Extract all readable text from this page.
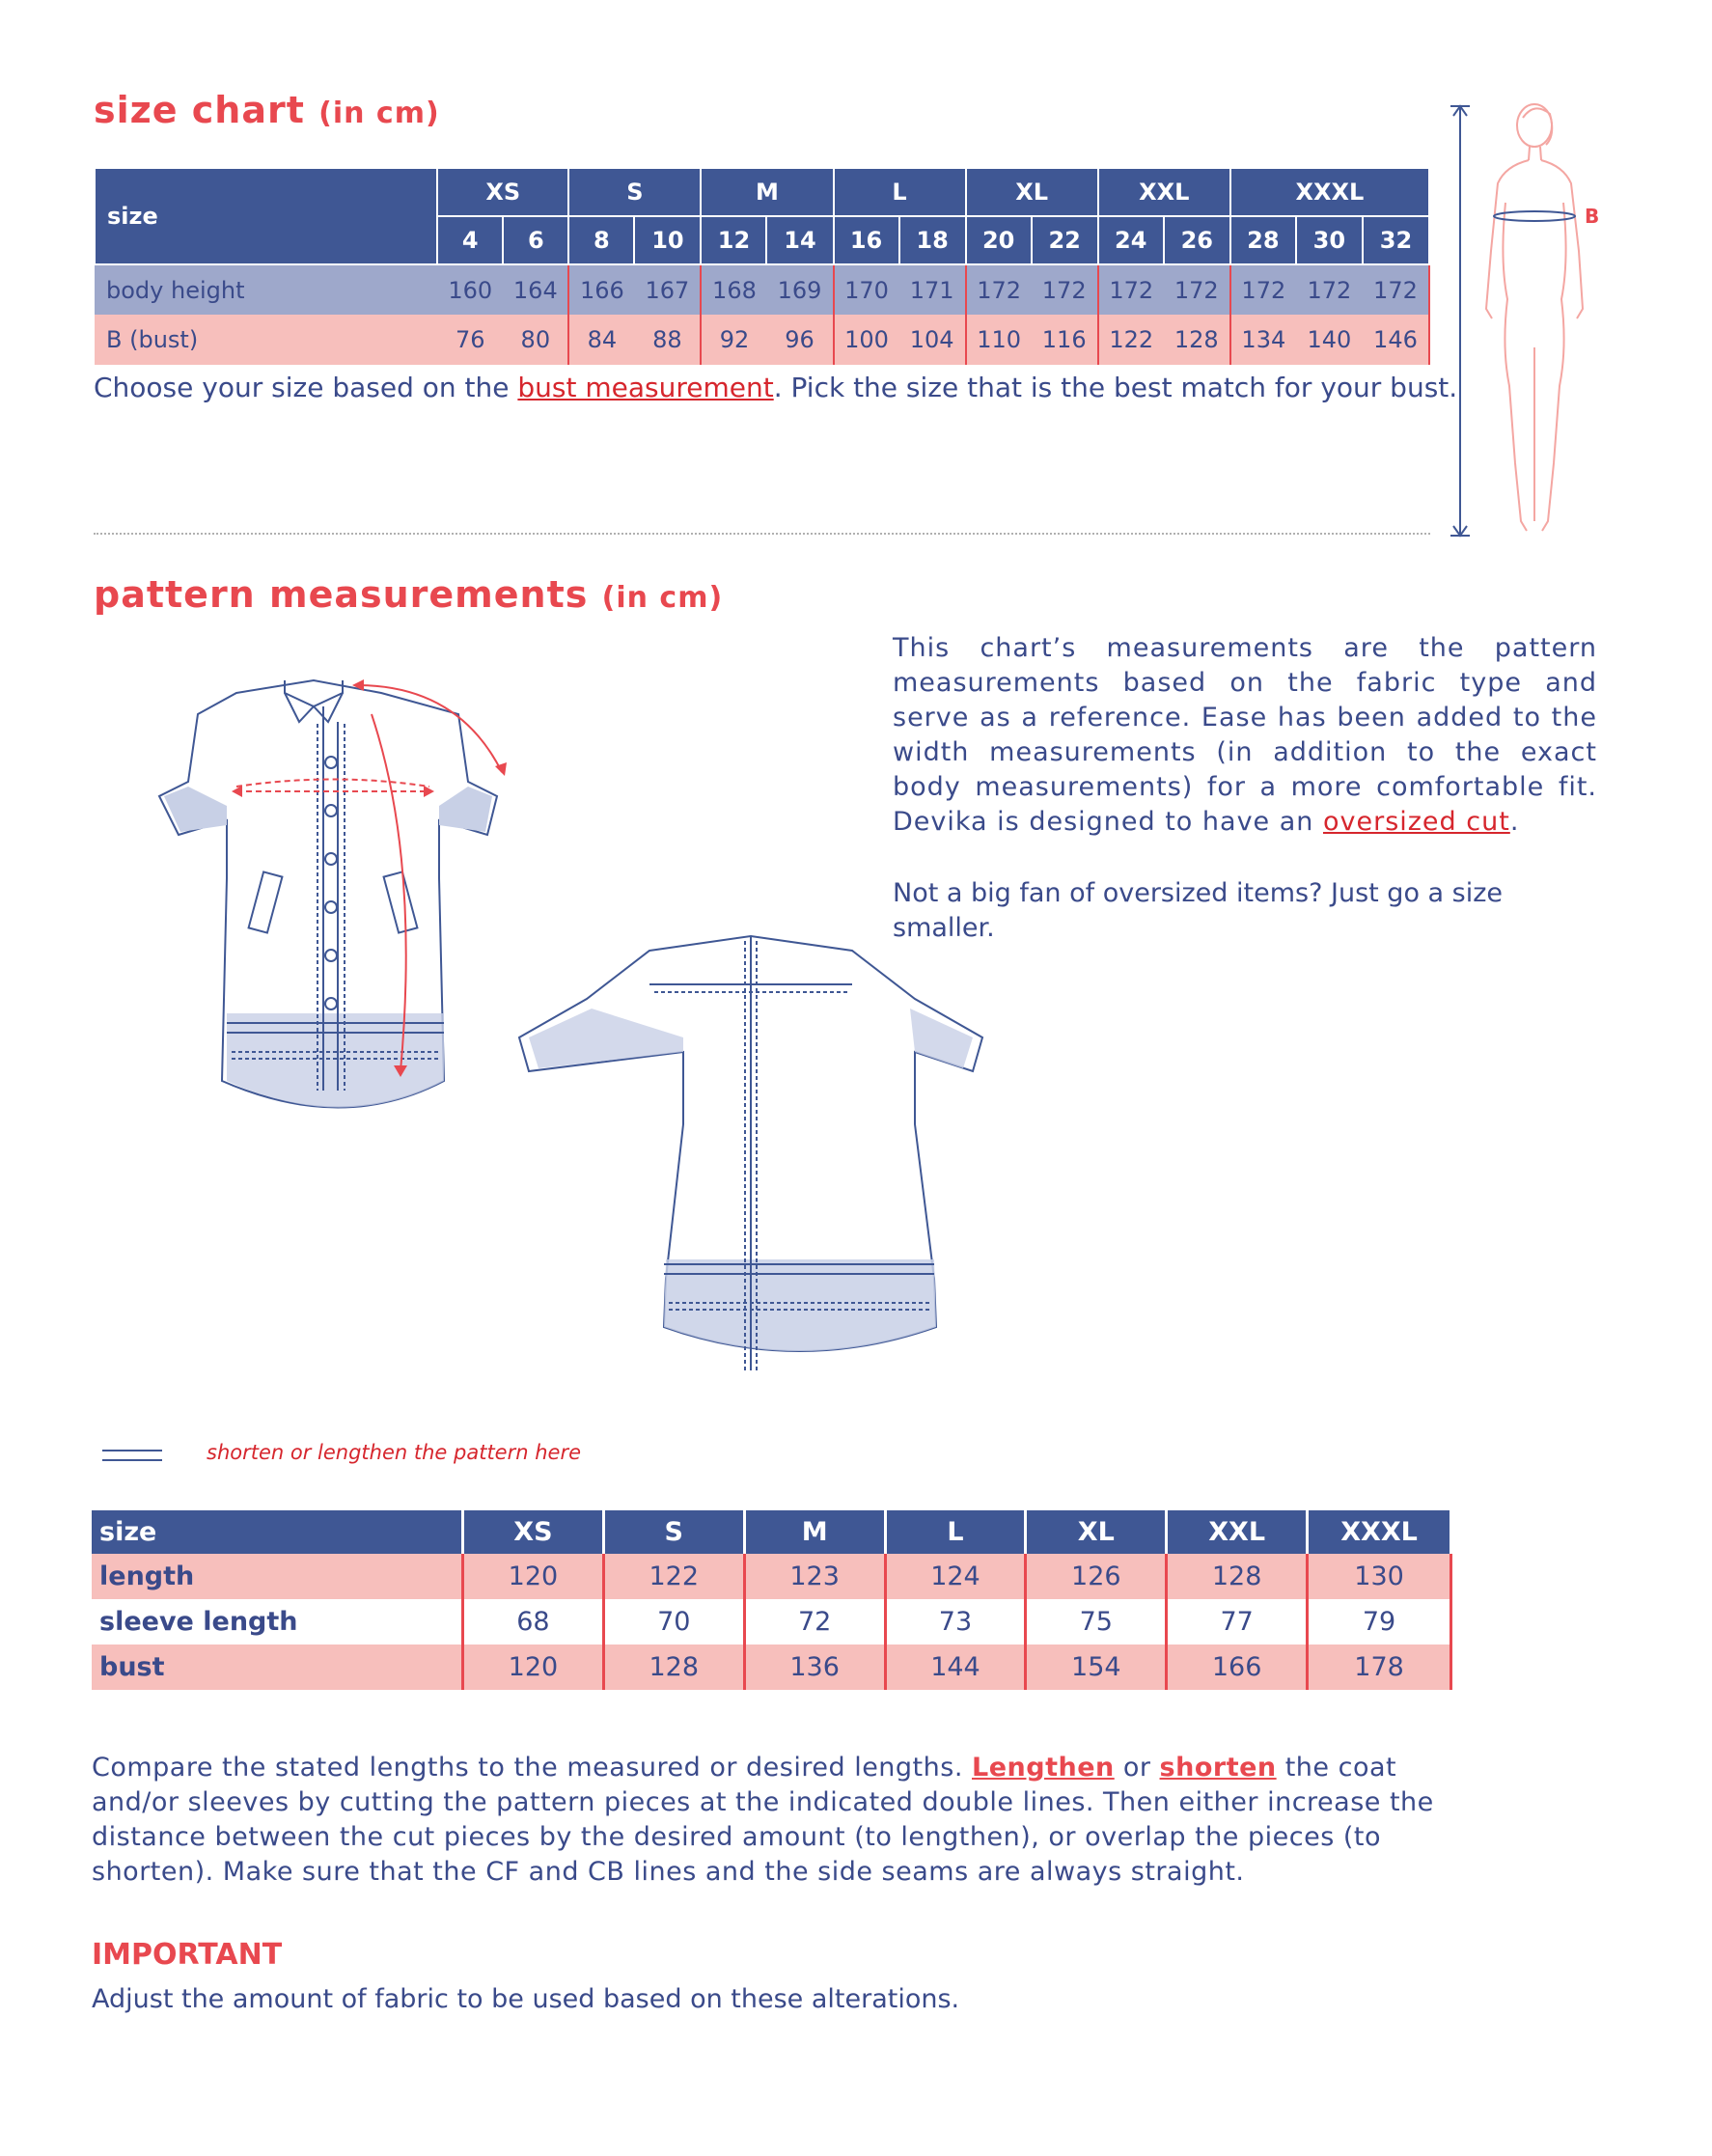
size chart (in cm)
size	XS		S		M		L		XL		XXL		XXXL		
	4	6	8	10	12	14	16	18	20	22	24	26	28	30	32
body height	160	164	166	167	168	169	170	171	172	172	172	172	172	172	172
B (bust)	76	80	84	88	92	96	100	104	110	116	122	128	134	140	146
Choose your size based on the bust measurement. Pick the size that is the best match for your bust.
B
pattern measurements (in cm)
This chart’s measurements are the pattern measurements based on the fabric type and serve as a reference. Ease has been added to the width measurements (in addition to the exact body measurements) for a more comfortable fit. Devika is designed to have an oversized cut.
Not a big fan of oversized items? Just go a size smaller.
shorten or lengthen the pattern here
size	XS	S	M	L	XL	XXL	XXXL
length	120	122	123	124	126	128	130
sleeve length	68	70	72	73	75	77	79
bust	120	128	136	144	154	166	178
Compare the stated lengths to the measured or desired lengths. Lengthen or shorten the coat and/or sleeves by cutting the pattern pieces at the indicated double lines. Then either increase the distance between the cut pieces by the desired amount (to lengthen), or overlap the pieces (to shorten). Make sure that the CF and CB lines and the side seams are always straight.
IMPORTANT
Adjust the amount of fabric to be used based on these alterations.
